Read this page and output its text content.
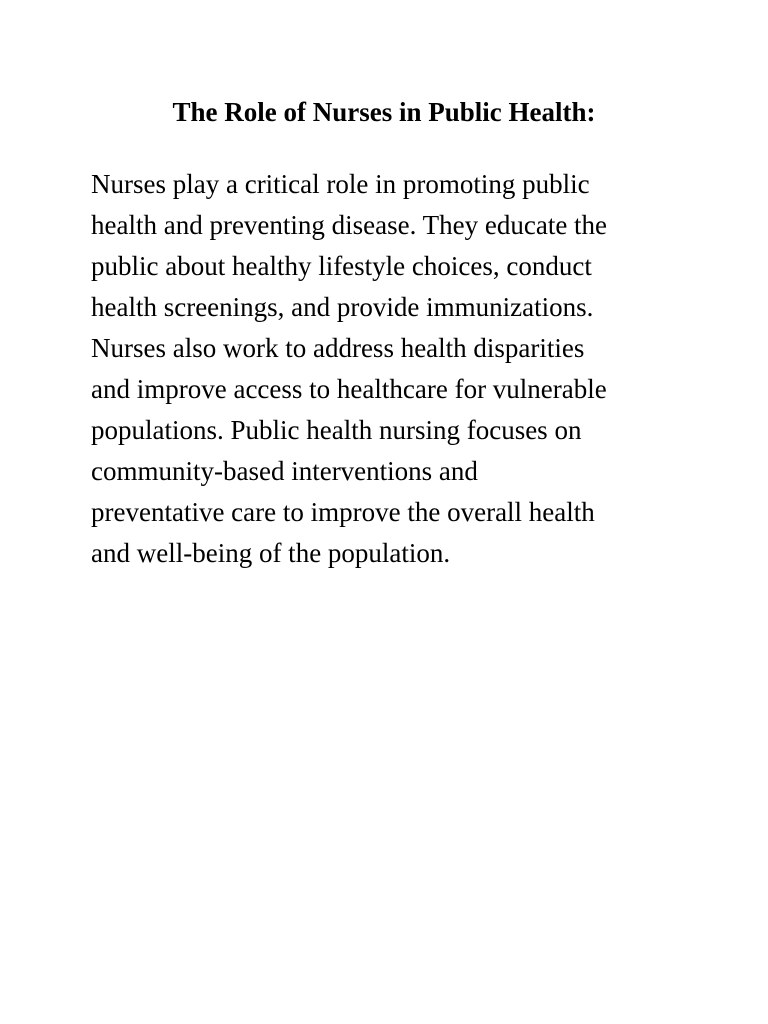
The Role of Nurses in Public Health:

Nurses play a critical role in promoting public
health and preventing disease. They educate the
public about healthy lifestyle choices, conduct
health screenings, and provide immunizations.
Nurses also work to address health disparities
and improve access to healthcare for vulnerable
populations. Public health nursing focuses on
community-based interventions and
preventative care to improve the overall health
and well-being of the population.
